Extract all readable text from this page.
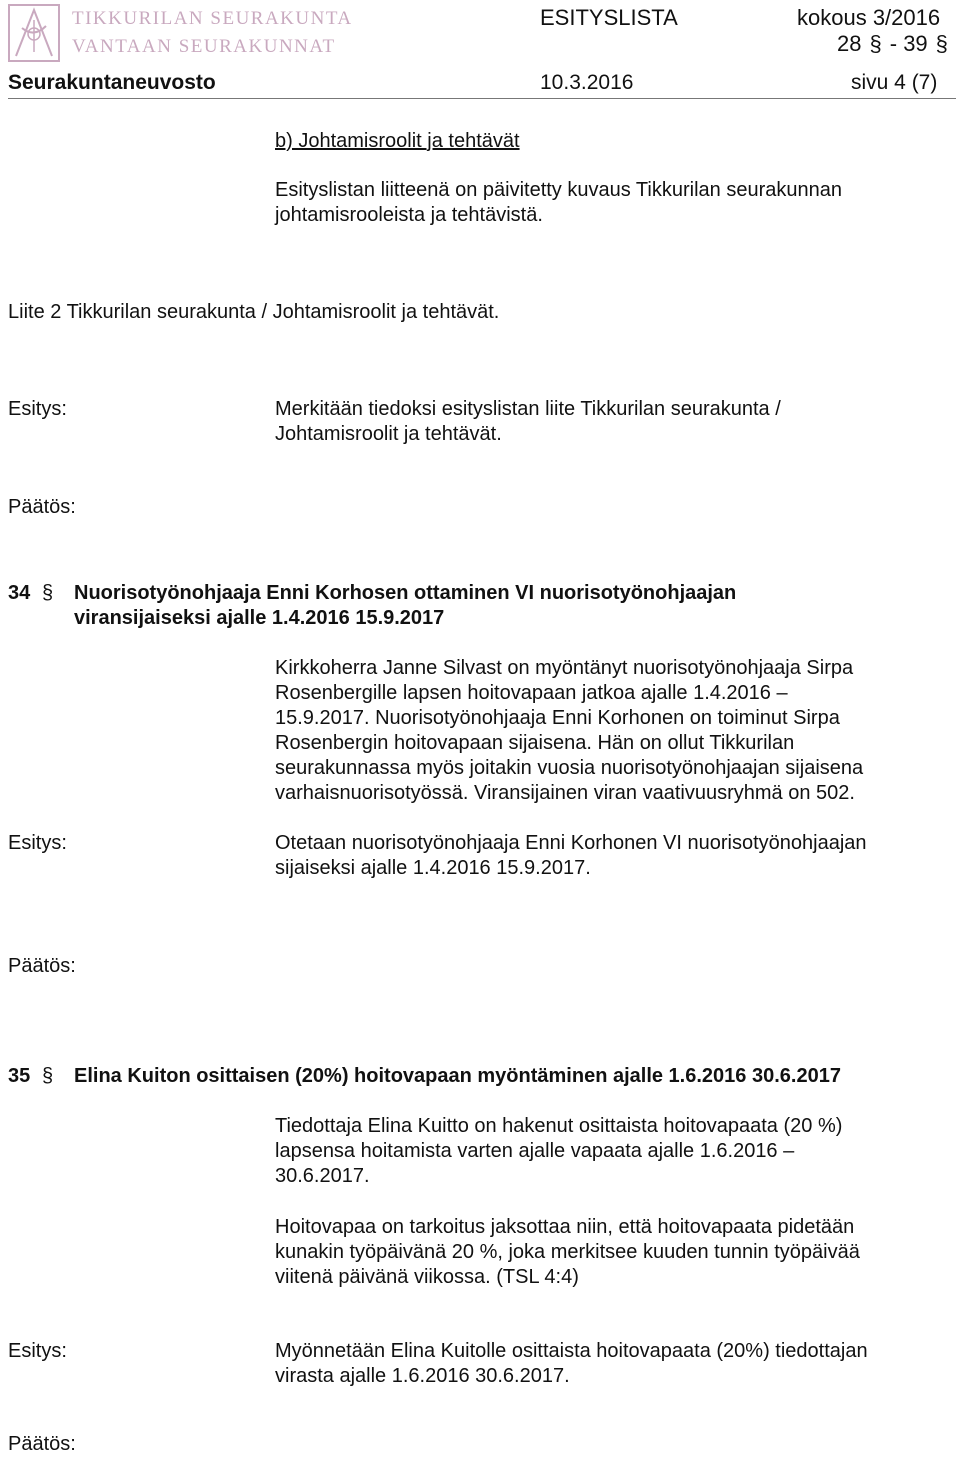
TIKKURILAN SEURAKUNTA
VANTAAN SEURAKUNNAT
ESITYSLISTA	kokous 3/2016
28 § - 39 §
Seurakuntaneuvosto	10.3.2016	sivu 4 (7)
b) Johtamisroolit ja tehtävät
Esityslistan liitteenä on päivitetty kuvaus Tikkurilan seurakunnan
johtamisrooleista ja tehtävistä.
Liite 2 Tikkurilan seurakunta / Johtamisroolit ja tehtävät.
Esitys:	Merkitään tiedoksi esityslistan liite Tikkurilan seurakunta /
Johtamisroolit ja tehtävät.
Päätös:
34 § Nuorisotyönohjaaja Enni Korhosen ottaminen VI nuorisotyönohjaajan
viransijaiseksi ajalle 1.4.2016 15.9.2017
Kirkkoherra Janne Silvast on myöntänyt nuorisotyönohjaaja Sirpa
Rosenbergille lapsen hoitovapaan jatkoa ajalle 1.4.2016 –
15.9.2017. Nuorisotyönohjaaja Enni Korhonen on toiminut Sirpa
Rosenbergin hoitovapaan sijaisena. Hän on ollut Tikkurilan
seurakunnassa myös joitakin vuosia nuorisotyönohjaajan sijaisena
varhaisnuorisotyössä. Viransijainen viran vaativuusryhmä on 502.
Esitys:	Otetaan nuorisotyönohjaaja Enni Korhonen VI nuorisotyönohjaajan
sijaiseksi ajalle 1.4.2016 15.9.2017.
Päätös:
35 § Elina Kuiton osittaisen (20%) hoitovapaan myöntäminen ajalle 1.6.2016 30.6.2017
Tiedottaja Elina Kuitto on hakenut osittaista hoitovapaata (20 %)
lapsensa hoitamista varten ajalle vapaata ajalle 1.6.2016 –
30.6.2017.
Hoitovapaa on tarkoitus jaksottaa niin, että hoitovapaata pidetään
kunakin työpäivänä 20 %, joka merkitsee kuuden tunnin työpäivää
viitenä päivänä viikossa. (TSL 4:4)
Esitys:	Myönnetään Elina Kuitolle osittaista hoitovapaata (20%) tiedottajan
virasta ajalle 1.6.2016 30.6.2017.
Päätös:
